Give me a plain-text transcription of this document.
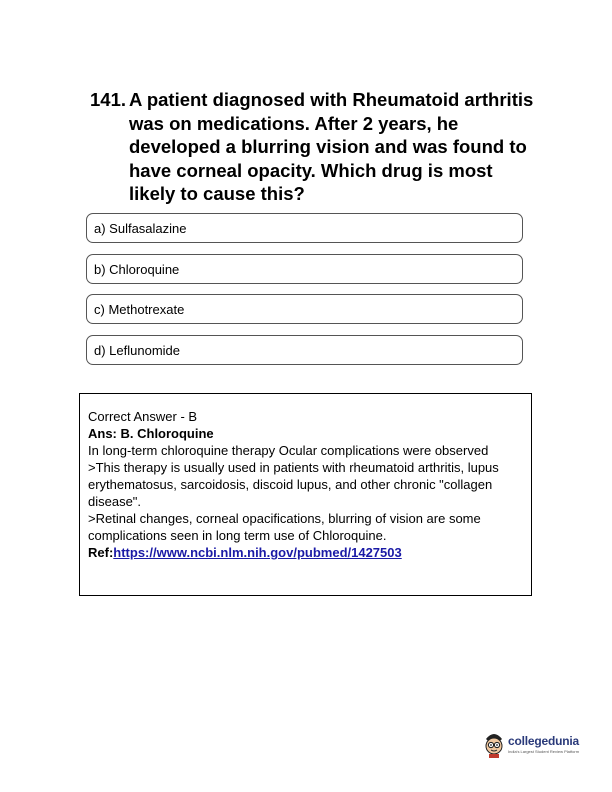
141. A patient diagnosed with Rheumatoid arthritis was on medications. After 2 years, he developed a blurring vision and was found to have corneal opacity. Which drug is most likely to cause this?
a) Sulfasalazine
b) Chloroquine
c) Methotrexate
d) Leflunomide
Correct Answer - B
Ans: B. Chloroquine
In long-term chloroquine therapy Ocular complications were observed
>This therapy is usually used in patients with rheumatoid arthritis, lupus erythematosus, sarcoidosis, discoid lupus, and other chronic "collagen disease".
>Retinal changes, corneal opacifications, blurring of vision are some complications seen in long term use of Chloroquine.
Ref:https://www.ncbi.nlm.nih.gov/pubmed/1427503
collegedunia
India's Largest Student Review Platform
